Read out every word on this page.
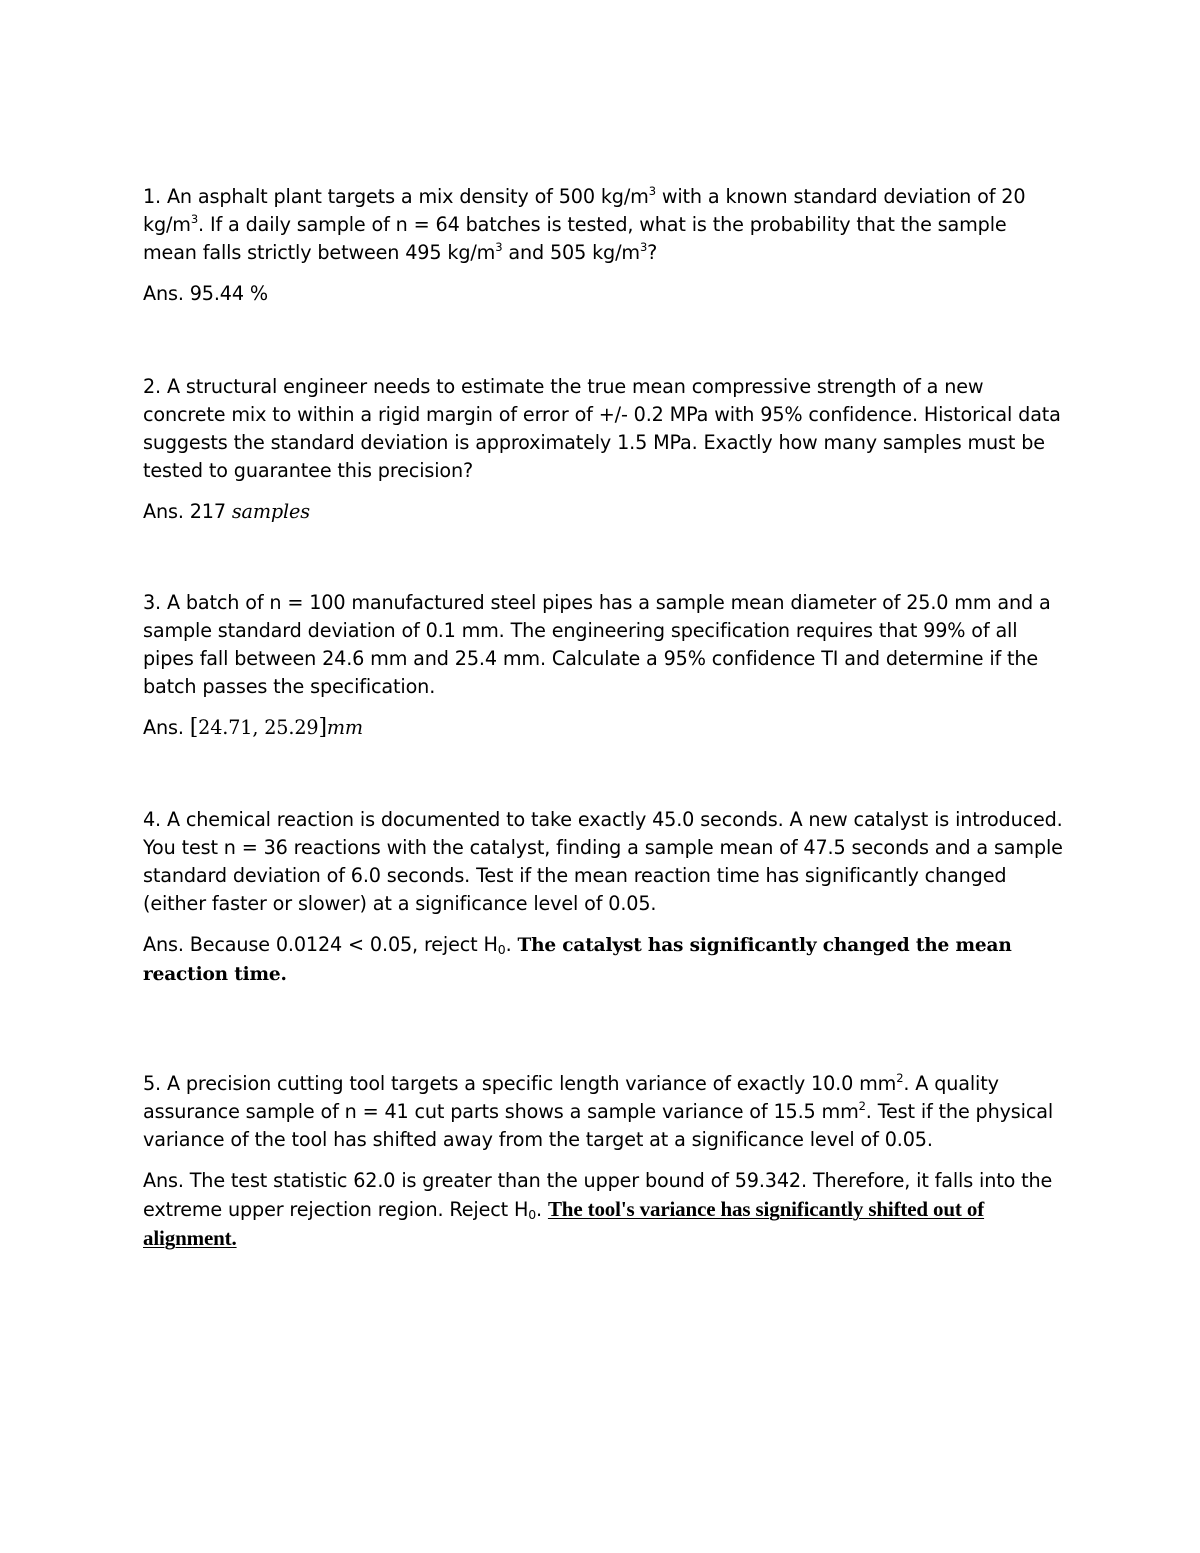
1. An asphalt plant targets a mix density of 500 $kg/m^3$ with a known standard deviation of 20 $kg/m^3$. If a daily sample of n = 64 batches is tested, what is the probability that the sample mean falls strictly between 495 $kg/m^3$ and 505 $kg/m^3$?

Ans. 95.44 %

2. A structural engineer needs to estimate the true mean compressive strength of a new concrete mix to within a rigid margin of error of +/- 0.2 MPa with 95% confidence. Historical data suggests the standard deviation is approximately 1.5 MPa. Exactly how many samples must be tested to guarantee this precision?

Ans. 217 samples

3. A batch of n = 100 manufactured steel pipes has a sample mean diameter of 25.0 mm and a sample standard deviation of 0.1 mm. The engineering specification requires that 99% of all pipes fall between 24.6 mm and 25.4 mm. Calculate a 95% confidence TI and determine if the batch passes the specification.

Ans. [24.71, 25.29]mm

4. A chemical reaction is documented to take exactly 45.0 seconds. A new catalyst is introduced. You test n = 36 reactions with the catalyst, finding a sample mean of 47.5 seconds and a sample standard deviation of 6.0 seconds. Test if the mean reaction time has significantly changed (either faster or slower) at a significance level of 0.05.

Ans. Because 0.0124 < 0.05, reject $H_0$. The catalyst has significantly changed the mean reaction time.

5. A precision cutting tool targets a specific length variance of exactly 10.0 $mm^2$. A quality assurance sample of n = 41 cut parts shows a sample variance of 15.5 $mm^2$. Test if the physical variance of the tool has shifted away from the target at a significance level of 0.05.

Ans. The test statistic 62.0 is greater than the upper bound of 59.342. Therefore, it falls into the extreme upper rejection region. Reject $H_0$. The tool's variance has significantly shifted out of alignment.
